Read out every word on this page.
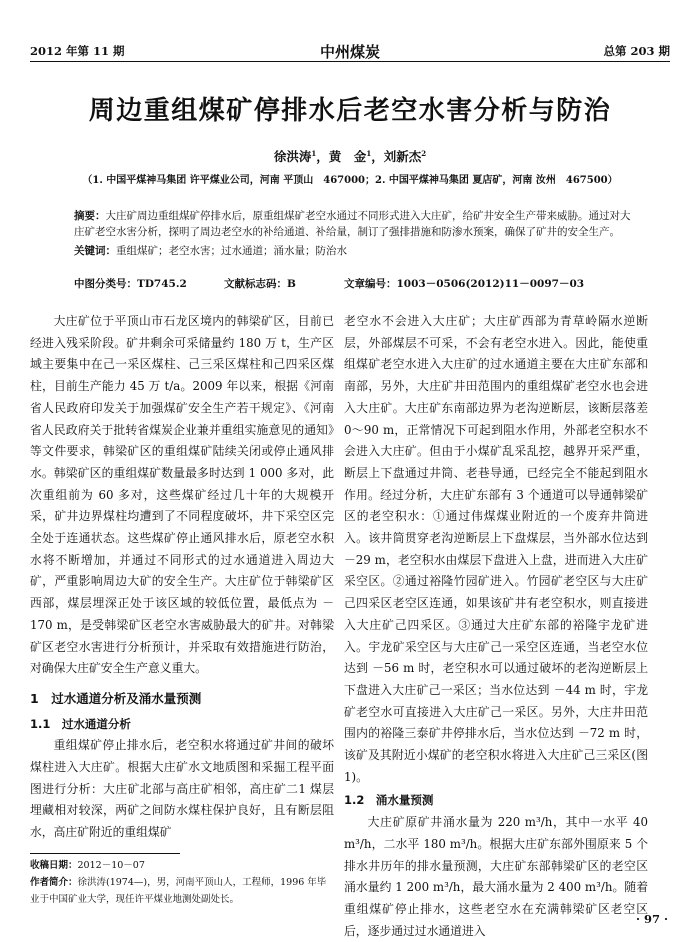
2012 年第 11 期	中州煤炭	总第 203 期
周边重组煤矿停排水后老空水害分析与防治
徐洪涛$^1$，黄　金$^1$，刘新杰$^2$
（1. 中国平煤神马集团 许平煤业公司，河南 平顶山　467000；2. 中国平煤神马集团 夏店矿，河南 汝州　467500）
摘要：大庄矿周边重组煤矿停排水后，原重组煤矿老空水通过不同形式进入大庄矿，给矿井安全生产带来威胁。通过对大庄矿老空水害分析，探明了周边老空水的补给通道、补给量，制订了强排措施和防渗水预案，确保了矿井的安全生产。
关键词：重组煤矿；老空水害；过水通道；涌水量；防治水
中图分类号：TD745.2	文献标志码：B	文章编号：1003－0506(2012)11－0097－03

大庄矿位于平顶山市石龙区境内的韩梁矿区，目前已经进入残采阶段。矿井剩余可采储量约 180 万 t，生产区域主要集中在己一采区煤柱、己三采区煤柱和己四采区煤柱，目前生产能力 45 万 t/a。2009 年以来，根据《河南省人民政府印发关于加强煤矿安全生产若干规定》、《河南省人民政府关于批转省煤炭企业兼并重组实施意见的通知》等文件要求，韩梁矿区的重组煤矿陆续关闭或停止通风排水。韩梁矿区的重组煤矿数量最多时达到 1 000 多对，此次重组前为 60 多对，这些煤矿经过几十年的大规模开采，矿井边界煤柱均遭到了不同程度破坏，井下采空区完全处于连通状态。这些煤矿停止通风排水后，原老空水积水将不断增加，并通过不同形式的过水通道进入周边大矿，严重影响周边大矿的安全生产。大庄矿位于韩梁矿区西部，煤层埋深正处于该区域的较低位置，最低点为 －170 m，是受韩梁矿区老空水害威胁最大的矿井。对韩梁矿区老空水害进行分析预计，并采取有效措施进行防治，对确保大庄矿安全生产意义重大。

1　过水通道分析及涌水量预测
1.1　过水通道分析

重组煤矿停止排水后，老空积水将通过矿井间的破坏煤柱进入大庄矿。根据大庄矿水文地质图和采掘工程平面图进行分析：大庄矿北部与高庄矿相邻，高庄矿二1 煤层埋藏相对较深，两矿之间防水煤柱保护良好，且有断层阻水，高庄矿附近的重组煤矿

老空水不会进入大庄矿；大庄矿西部为青草岭隔水逆断层，外部煤层不可采，不会有老空水进入。因此，能使重组煤矿老空水进入大庄矿的过水通道主要在大庄矿东部和南部，另外，大庄矿井田范围内的重组煤矿老空水也会进入大庄矿。大庄矿东南部边界为老沟逆断层，该断层落差 0～90 m，正常情况下可起到阻水作用，外部老空积水不会进入大庄矿。但由于小煤矿乱采乱挖，越界开采严重，断层上下盘通过井筒、老巷导通，已经完全不能起到阻水作用。经过分析，大庄矿东部有 3 个通道可以导通韩梁矿区的老空积水：①通过伟煤煤业附近的一个废弃井筒进入。该井筒贯穿老沟逆断层上下盘煤层，当外部水位达到 －29 m，老空积水由煤层下盘进入上盘，进而进入大庄矿采空区。②通过裕隆竹园矿进入。竹园矿老空区与大庄矿己四采区老空区连通，如果该矿井有老空积水，则直接进入大庄矿己四采区。③通过大庄矿东部的裕隆宇龙矿进入。宇龙矿采空区与大庄矿己一采空区连通，当老空水位达到 －56 m 时，老空积水可以通过破坏的老沟逆断层上下盘进入大庄矿己一采区；当水位达到 －44 m 时，宇龙矿老空水可直接进入大庄矿己一采区。另外，大庄井田范围内的裕隆三泰矿井停排水后，当水位达到 －72 m 时，该矿及其附近小煤矿的老空积水将进入大庄矿己三采区(图 1)。

1.2　涌水量预测

大庄矿原矿井涌水量为 220 m³/h，其中一水平 40 m³/h，二水平 180 m³/h。根据大庄矿东部外围原来 5 个排水井历年的排水量预测，大庄矿东部韩梁矿区的老空区涌水量约 1 200 m³/h，最大涌水量为 2 400 m³/h。随着重组煤矿停止排水，这些老空水在充满韩梁矿区老空区后，逐步通过过水通道进入

收稿日期：2012－10－07
作者简介：徐洪涛(1974—)，男，河南平顶山人，工程师，1996 年毕业于中国矿业大学，现任许平煤业地测处副处长。
· 97 ·
